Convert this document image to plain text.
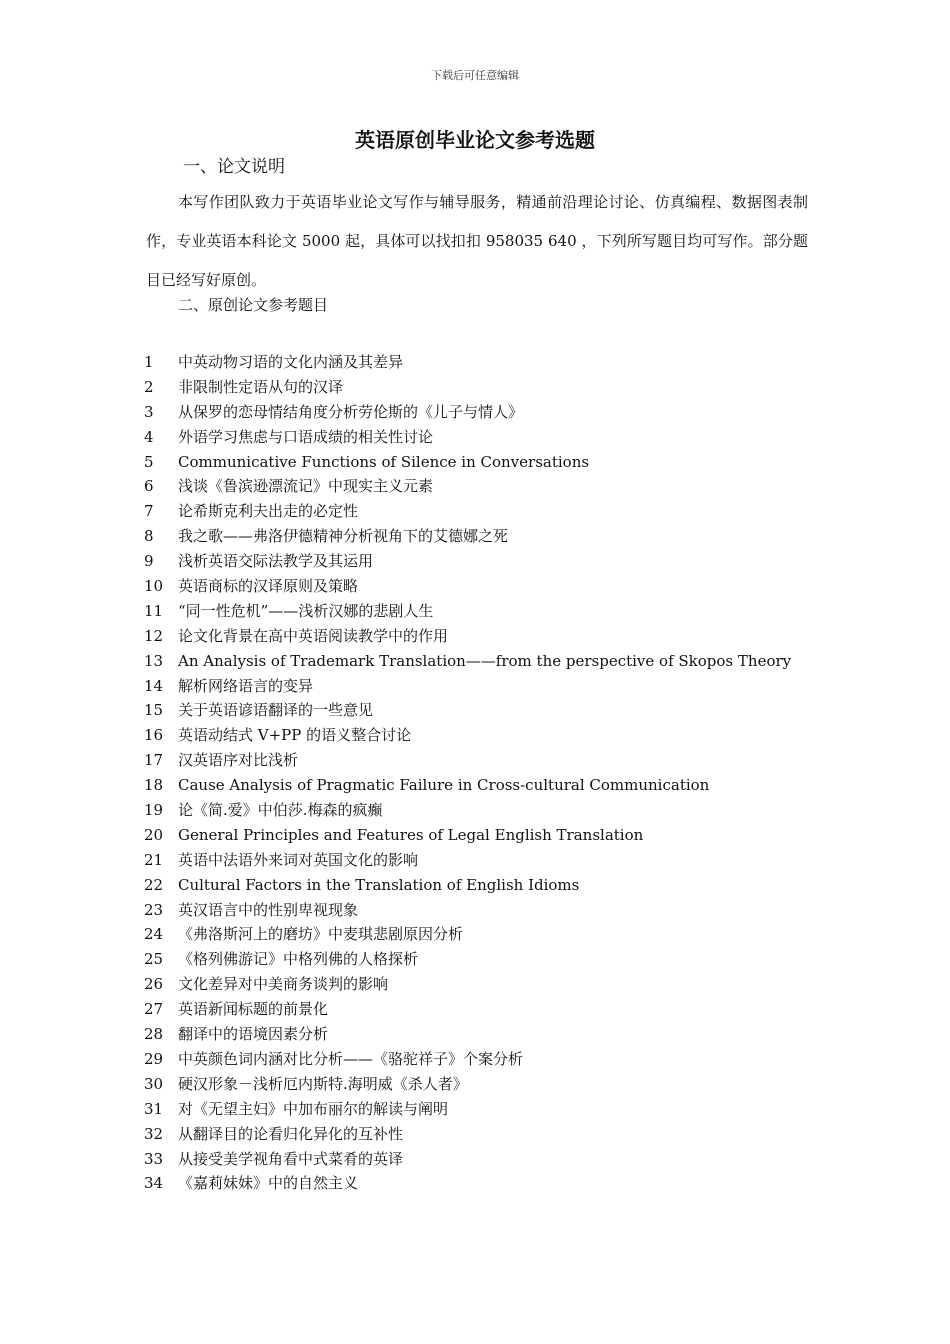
下载后可任意编辑
英语原创毕业论文参考选题
一、论文说明
本写作团队致力于英语毕业论文写作与辅导服务，精通前沿理论讨论、仿真编程、数据图表制作，专业英语本科论文 5000 起，具体可以找扣扣 958035 640 ，下列所写题目均可写作。部分题目已经写好原创。
二、原创论文参考题目
1	中英动物习语的文化内涵及其差异
2	非限制性定语从句的汉译
3	从保罗的恋母情结角度分析劳伦斯的《儿子与情人》
4	外语学习焦虑与口语成绩的相关性讨论
5	Communicative Functions of Silence in Conversations
6	浅谈《鲁滨逊漂流记》中现实主义元素
7	论希斯克利夫出走的必定性
8	我之歌——弗洛伊德精神分析视角下的艾德娜之死
9	浅析英语交际法教学及其运用
10 英语商标的汉译原则及策略
11 “同一性危机”——浅析汉娜的悲剧人生
12 论文化背景在高中英语阅读教学中的作用
13 An Analysis of Trademark Translation——from the perspective of Skopos Theory
14 解析网络语言的变异
15 关于英语谚语翻译的一些意见
16 英语动结式 V+PP 的语义整合讨论
17 汉英语序对比浅析
18 Cause Analysis of Pragmatic Failure in Cross-cultural Communication
19 论《简.爱》中伯莎.梅森的疯癫
20 General Principles and Features of Legal English Translation
21 英语中法语外来词对英国文化的影响
22 Cultural Factors in the Translation of English Idioms
23 英汉语言中的性别卑视现象
24 《弗洛斯河上的磨坊》中麦琪悲剧原因分析
25 《格列佛游记》中格列佛的人格探析
26 文化差异对中美商务谈判的影响
27 英语新闻标题的前景化
28 翻译中的语境因素分析
29 中英颜色词内涵对比分析——《骆驼祥子》个案分析
30 硬汉形象－浅析厄内斯特.海明威《杀人者》
31 对《无望主妇》中加布丽尔的解读与阐明
32 从翻译目的论看归化异化的互补性
33 从接受美学视角看中式菜肴的英译
34 《嘉莉妹妹》中的自然主义
